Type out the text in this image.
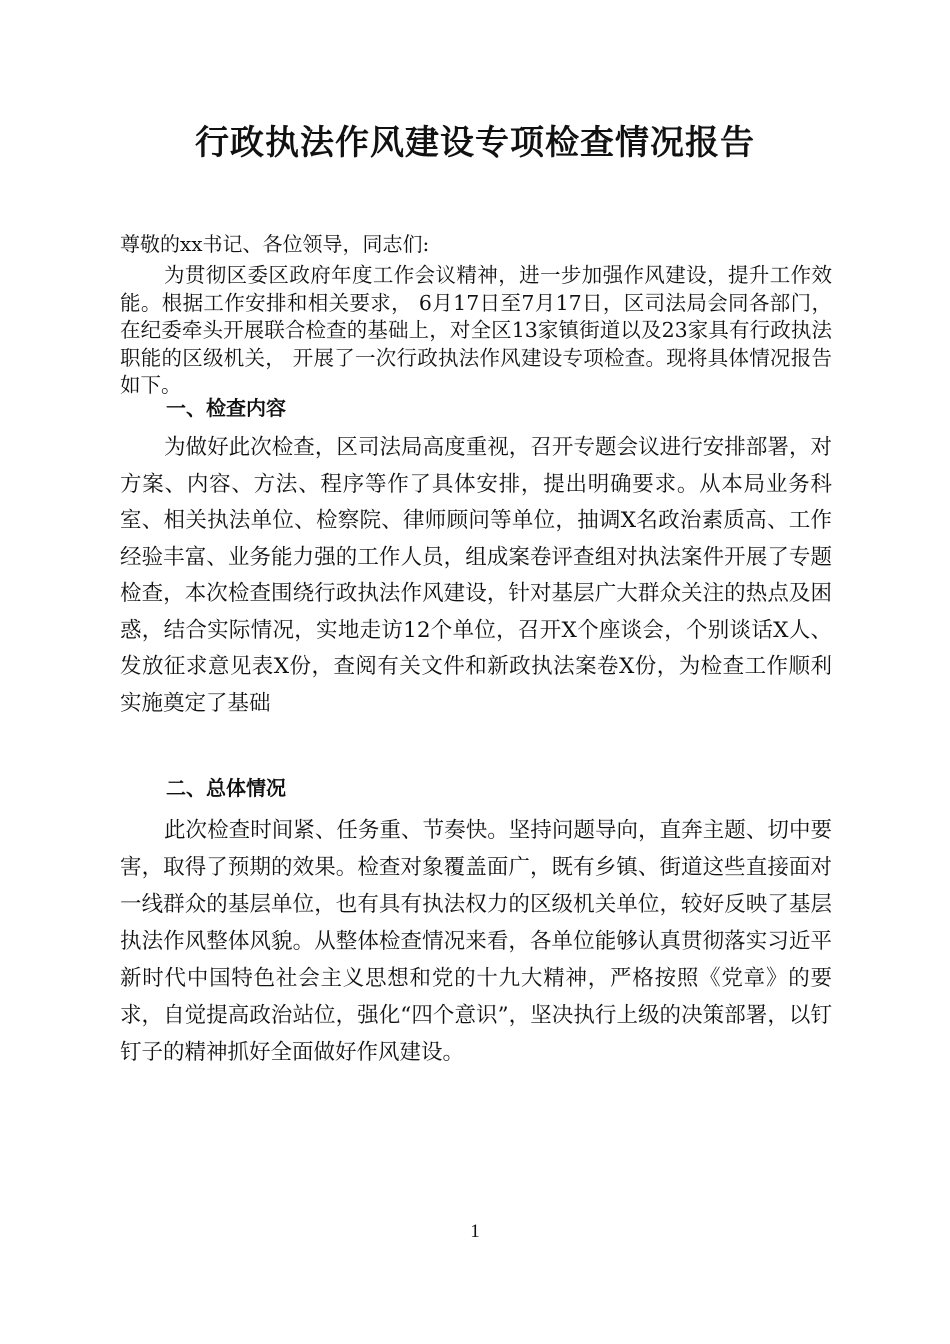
行政执法作风建设专项检查情况报告

尊敬的xx书记、各位领导，同志们:

为贯彻区委区政府年度工作会议精神，进一步加强作风建设，提升工作效能。根据工作安排和相关要求， 6月17日至7月17日，区司法局会同各部门，在纪委牵头开展联合检查的基础上，对全区13家镇街道以及23家具有行政执法职能的区级机关， 开展了一次行政执法作风建设专项检查。现将具体情况报告如下。

一、检查内容

为做好此次检查，区司法局高度重视，召开专题会议进行安排部署，对方案、内容、方法、程序等作了具体安排，提出明确要求。从本局业务科室、相关执法单位、检察院、律师顾问等单位，抽调X名政治素质高、工作经验丰富、业务能力强的工作人员，组成案卷评查组对执法案件开展了专题检查，本次检查围绕行政执法作风建设，针对基层广大群众关注的热点及困惑，结合实际情况，实地走访12个单位，召开X个座谈会，个别谈话X人、发放征求意见表X份，查阅有关文件和新政执法案卷X份，为检查工作顺利实施奠定了基础

二、总体情况

此次检查时间紧、任务重、节奏快。坚持问题导向，直奔主题、切中要害，取得了预期的效果。检查对象覆盖面广，既有乡镇、街道这些直接面对一线群众的基层单位，也有具有执法权力的区级机关单位，较好反映了基层执法作风整体风貌。从整体检查情况来看，各单位能够认真贯彻落实习近平新时代中国特色社会主义思想和党的十九大精神，严格按照《党章》的要求，自觉提高政治站位，强化“四个意识”，坚决执行上级的决策部署，以钉钉子的精神抓好全面做好作风建设。

1
